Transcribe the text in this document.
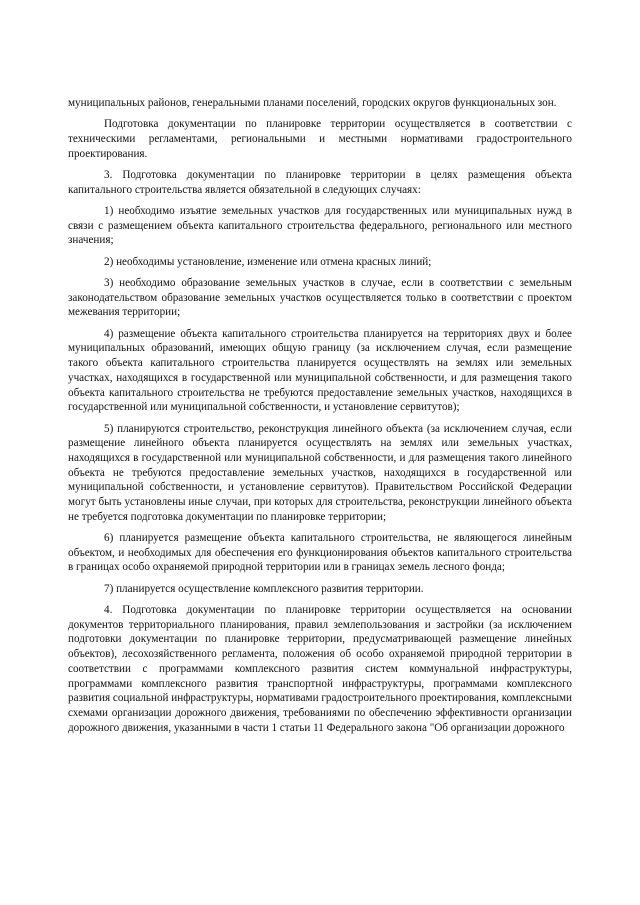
муниципальных районов, генеральными планами поселений, городских округов функциональных зон.

Подготовка документации по планировке территории осуществляется в соответствии с техническими регламентами, региональными и местными нормативами градостроительного проектирования.

3. Подготовка документации по планировке территории в целях размещения объекта капитального строительства является обязательной в следующих случаях:

1) необходимо изъятие земельных участков для государственных или муниципальных нужд в связи с размещением объекта капитального строительства федерального, регионального или местного значения;

2) необходимы установление, изменение или отмена красных линий;

3) необходимо образование земельных участков в случае, если в соответствии с земельным законодательством образование земельных участков осуществляется только в соответствии с проектом межевания территории;

4) размещение объекта капитального строительства планируется на территориях двух и более муниципальных образований, имеющих общую границу (за исключением случая, если размещение такого объекта капитального строительства планируется осуществлять на землях или земельных участках, находящихся в государственной или муниципальной собственности, и для размещения такого объекта капитального строительства не требуются предоставление земельных участков, находящихся в государственной или муниципальной собственности, и установление сервитутов);

5) планируются строительство, реконструкция линейного объекта (за исключением случая, если размещение линейного объекта планируется осуществлять на землях или земельных участках, находящихся в государственной или муниципальной собственности, и для размещения такого линейного объекта не требуются предоставление земельных участков, находящихся в государственной или муниципальной собственности, и установление сервитутов). Правительством Российской Федерации могут быть установлены иные случаи, при которых для строительства, реконструкции линейного объекта не требуется подготовка документации по планировке территории;

6) планируется размещение объекта капитального строительства, не являющегося линейным объектом, и необходимых для обеспечения его функционирования объектов капитального строительства в границах особо охраняемой природной территории или в границах земель лесного фонда;

7) планируется осуществление комплексного развития территории.

4. Подготовка документации по планировке территории осуществляется на основании документов территориального планирования, правил землепользования и застройки (за исключением подготовки документации по планировке территории, предусматривающей размещение линейных объектов), лесохозяйственного регламента, положения об особо охраняемой природной территории в соответствии с программами комплексного развития систем коммунальной инфраструктуры, программами комплексного развития транспортной инфраструктуры, программами комплексного развития социальной инфраструктуры, нормативами градостроительного проектирования, комплексными схемами организации дорожного движения, требованиями по обеспечению эффективности организации дорожного движения, указанными в части 1 статьи 11 Федерального закона "Об организации дорожного
